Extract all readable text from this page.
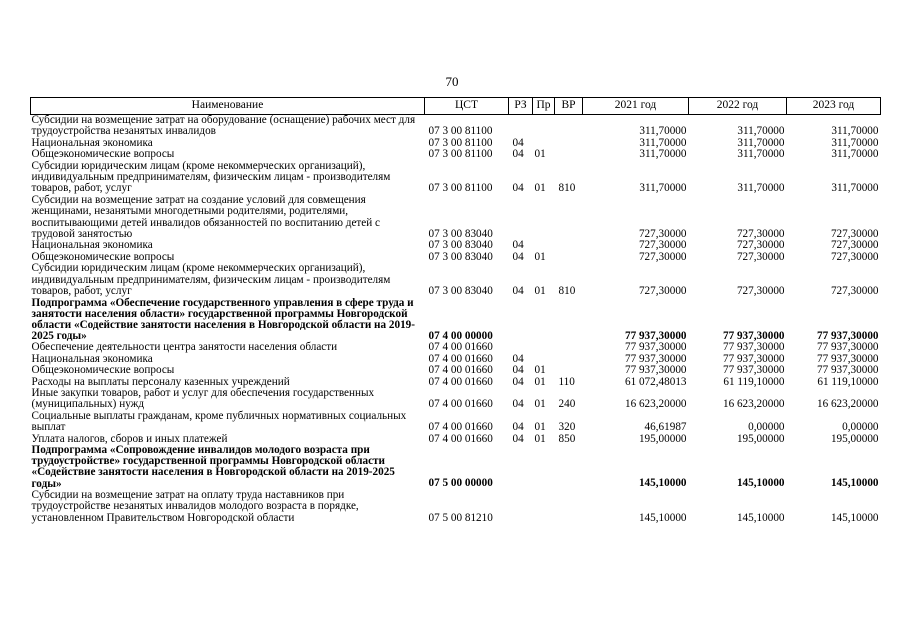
70
Наименование	ЦСТ	РЗ	Пр	ВР	2021 год	2022 год	2023 год
Субсидии на возмещение затрат на оборудование (оснащение) рабочих мест для трудоустройства незанятых инвалидов	07 3 00 81100				311,70000	311,70000	311,70000
Национальная экономика	07 3 00 81100	04			311,70000	311,70000	311,70000
Общеэкономические вопросы	07 3 00 81100	04	01		311,70000	311,70000	311,70000
Субсидии юридическим лицам (кроме некоммерческих организаций), индивидуальным предпринимателям, физическим лицам - производителям товаров, работ, услуг	07 3 00 81100	04	01	810	311,70000	311,70000	311,70000
Субсидии на возмещение затрат на создание условий для совмещения женщинами, незанятыми многодетными родителями, родителями, воспитывающими детей инвалидов обязанностей по воспитанию детей с трудовой занятостью	07 3 00 83040				727,30000	727,30000	727,30000
Национальная экономика	07 3 00 83040	04			727,30000	727,30000	727,30000
Общеэкономические вопросы	07 3 00 83040	04	01		727,30000	727,30000	727,30000
Субсидии юридическим лицам (кроме некоммерческих организаций), индивидуальным предпринимателям, физическим лицам - производителям товаров, работ, услуг	07 3 00 83040	04	01	810	727,30000	727,30000	727,30000
Подпрограмма «Обеспечение государственного управления в сфере труда и занятости населения области» государственной программы Новгородской области «Содействие занятости населения в Новгородской области на 2019-2025 годы»	07 4 00 00000				77 937,30000	77 937,30000	77 937,30000
Обеспечение деятельности центра занятости населения области	07 4 00 01660				77 937,30000	77 937,30000	77 937,30000
Национальная экономика	07 4 00 01660	04			77 937,30000	77 937,30000	77 937,30000
Общеэкономические вопросы	07 4 00 01660	04	01		77 937,30000	77 937,30000	77 937,30000
Расходы на выплаты персоналу казенных учреждений	07 4 00 01660	04	01	110	61 072,48013	61 119,10000	61 119,10000
Иные закупки товаров, работ и услуг для обеспечения государственных (муниципальных) нужд	07 4 00 01660	04	01	240	16 623,20000	16 623,20000	16 623,20000
Социальные выплаты гражданам, кроме публичных нормативных социальных выплат	07 4 00 01660	04	01	320	46,61987	0,00000	0,00000
Уплата налогов, сборов и иных платежей	07 4 00 01660	04	01	850	195,00000	195,00000	195,00000
Подпрограмма «Сопровождение инвалидов молодого возраста при трудоустройстве» государственной программы Новгородской области «Содействие занятости населения в Новгородской области на 2019-2025 годы»	07 5 00 00000				145,10000	145,10000	145,10000
Субсидии на возмещение затрат на оплату труда наставников при трудоустройстве незанятых инвалидов молодого возраста в порядке, установленном Правительством Новгородской области	07 5 00 81210				145,10000	145,10000	145,10000
